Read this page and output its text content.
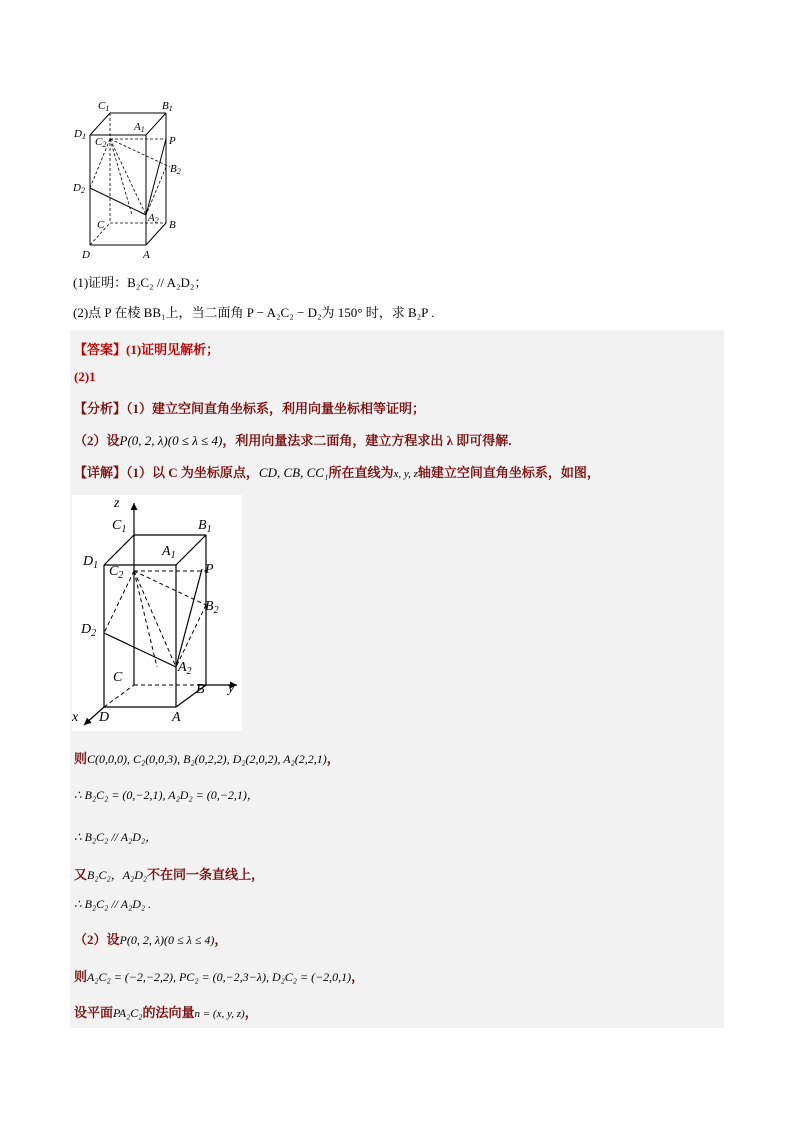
C1	B1
A1
D1 C2	P
B2
D2
C
A2 B
D	A
(1)证明：B₂C₂ // A₂D₂；
(2)点 P 在棱 BB₁上，当二面角 P − A₂C₂ − D₂为 150° 时，求 B₂P .
【答案】(1)证明见解析；
(2)1
【分析】（1）建立空间直角坐标系，利用向量坐标相等证明；
（2）设P(0, 2, λ)(0 ≤ λ ≤ 4)，利用向量法求二面角，建立方程求出 λ 即可得解.
【详解】（1）以 C 为坐标原点，CD, CB, CC₁所在直线为x, y, z轴建立空间直角坐标系，如图，
z
$C_1$	$B_1$
$A_1$
$D_1$ $C_2$	P
$B_2$
$D_2$
C
$A_2$
B y
x D	A
则C(0,0,0), C₂(0,0,3), B₂(0,2,2), D₂(2,0,2), A₂(2,2,1)，
∴ B₂C₂ = (0,−2,1), A₂D₂ = (0,−2,1)，
∴ B₂C₂ // A₂D₂，
又B₂C₂，A₂D₂不在同一条直线上，
∴ B₂C₂ // A₂D₂ .
（2）设P(0, 2, λ)(0 ≤ λ ≤ 4)，
则A₂C₂ = (−2,−2,2), PC₂ = (0,−2,3−λ), D₂C₂ = (−2,0,1)，
设平面PA₂C₂的法向量n = (x, y, z)，
